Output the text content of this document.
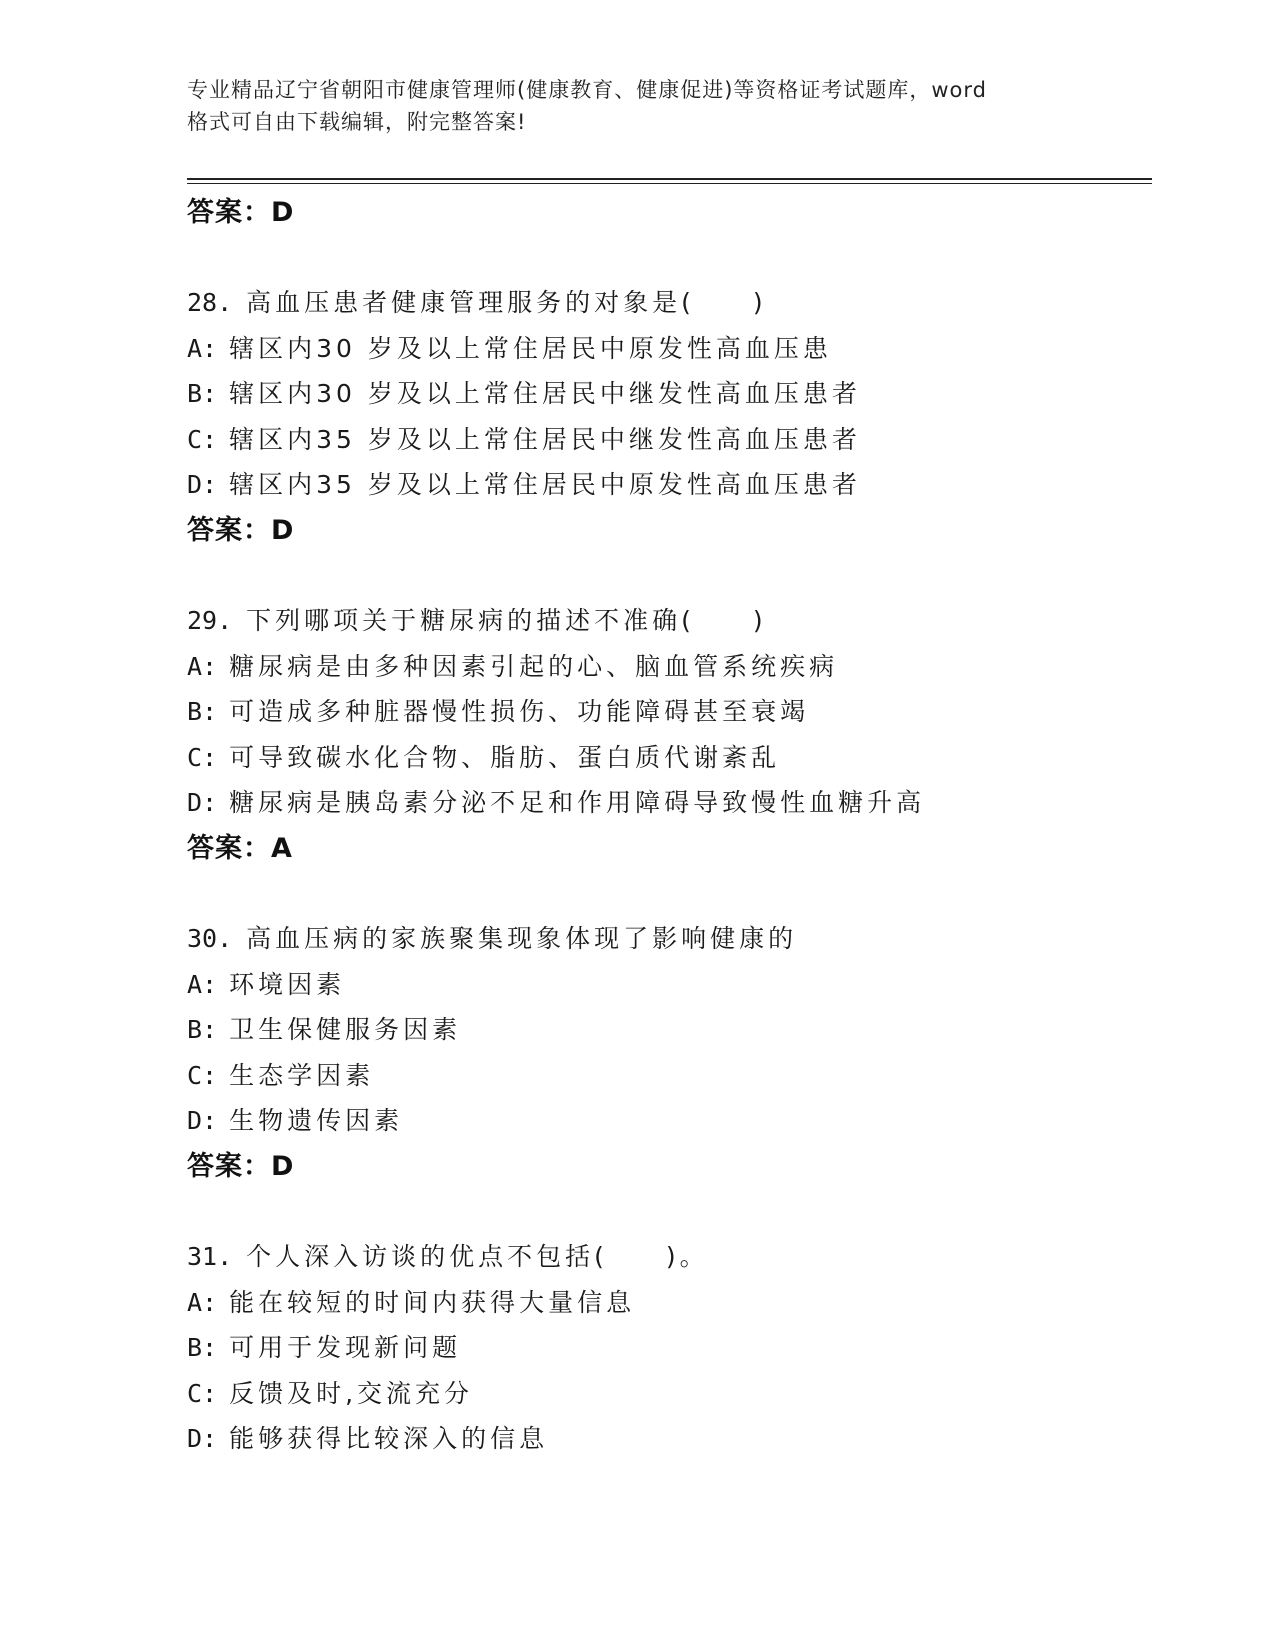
专业精品辽宁省朝阳市健康管理师(健康教育、健康促进)等资格证考试题库，word
格式可自由下载编辑，附完整答案!
答案：D
28. 高血压患者健康管理服务的对象是(　　)
A: 辖区内30 岁及以上常住居民中原发性高血压患
B: 辖区内30 岁及以上常住居民中继发性高血压患者
C: 辖区内35 岁及以上常住居民中继发性高血压患者
D: 辖区内35 岁及以上常住居民中原发性高血压患者
答案：D
29. 下列哪项关于糖尿病的描述不准确(　　)
A: 糖尿病是由多种因素引起的心、脑血管系统疾病
B: 可造成多种脏器慢性损伤、功能障碍甚至衰竭
C: 可导致碳水化合物、脂肪、蛋白质代谢紊乱
D: 糖尿病是胰岛素分泌不足和作用障碍导致慢性血糖升高
答案：A
30. 高血压病的家族聚集现象体现了影响健康的
A: 环境因素
B: 卫生保健服务因素
C: 生态学因素
D: 生物遗传因素
答案：D
31. 个人深入访谈的优点不包括(　　)。
A: 能在较短的时间内获得大量信息
B: 可用于发现新问题
C: 反馈及时,交流充分
D: 能够获得比较深入的信息
